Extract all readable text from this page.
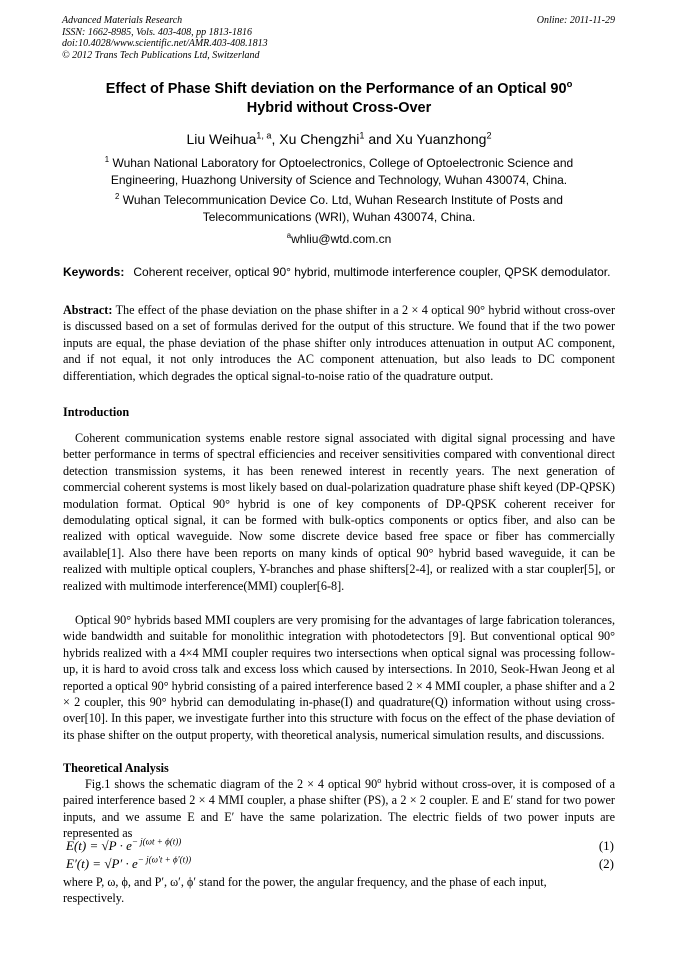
Advanced Materials Research
ISSN: 1662-8985, Vols. 403-408, pp 1813-1816
doi:10.4028/www.scientific.net/AMR.403-408.1813
© 2012 Trans Tech Publications Ltd, Switzerland
Online: 2011-11-29
Effect of Phase Shift deviation on the Performance of an Optical 90$^o$
Hybrid without Cross-Over
Liu Weihua$^{1, a}$, Xu Chengzhi$^1$ and Xu Yuanzhong$^2$
$^1$ Wuhan National Laboratory for Optoelectronics, College of Optoelectronic Science and Engineering, Huazhong University of Science and Technology, Wuhan 430074, China.
$^2$ Wuhan Telecommunication Device Co. Ltd, Wuhan Research Institute of Posts and Telecommunications (WRI), Wuhan 430074, China.
$^a$whliu@wtd.com.cn
Keywords: Coherent receiver, optical 90° hybrid, multimode interference coupler, QPSK demodulator.

Abstract: The effect of the phase deviation on the phase shifter in a 2 × 4 optical 90° hybrid without cross-over is discussed based on a set of formulas derived for the output of this structure. We found that if the two power inputs are equal, the phase deviation of the phase shifter only introduces attenuation in output AC component, and if not equal, it not only introduces the AC component attenuation, but also leads to DC component differentiation, which degrades the optical signal-to-noise ratio of the quadrature output.

Introduction
Coherent communication systems enable restore signal associated with digital signal processing and have better performance in terms of spectral efficiencies and receiver sensitivities compared with conventional direct detection transmission systems, it has been renewed interest in recently years. The next generation of commercial coherent systems is most likely based on dual-polarization quadrature phase shift keyed (DP-QPSK) modulation format. Optical 90° hybrid is one of key components of DP-QPSK coherent receiver for demodulating optical signal, it can be formed with bulk-optics components or optics fiber, and also can be realized with optical waveguide. Now some discrete device based free space or fiber has commercially available[1]. Also there have been reports on many kinds of optical 90° hybrid based waveguide, it can be realized with multiple optical couplers, Y-branches and phase shifters[2-4], or realized with a star coupler[5], or realized with multimode interference(MMI) coupler[6-8].
Optical 90° hybrids based MMI couplers are very promising for the advantages of large fabrication tolerances, wide bandwidth and suitable for monolithic integration with photodetectors [9]. But conventional optical 90° hybrids realized with a 4×4 MMI coupler requires two intersections when optical signal was processing follow-up, it is hard to avoid cross talk and excess loss which caused by intersections. In 2010, Seok-Hwan Jeong et al reported a optical 90° hybrid consisting of a paired interference based 2 × 4 MMI coupler, a phase shifter and a 2 × 2 coupler, this 90° hybrid can demodulating in-phase(I) and quadrature(Q) information without using cross-over[10]. In this paper, we investigate further into this structure with focus on the effect of the phase deviation of its phase shifter on the output property, with theoretical analysis, numerical simulation results, and discussions.
Theoretical Analysis

Fig.1 shows the schematic diagram of the 2 × 4 optical 90$^o$ hybrid without cross-over, it is composed of a paired interference based 2 × 4 MMI coupler, a phase shifter (PS), a 2 × 2 coupler. E and E′ stand for two power inputs, and we assume E and E′ have the same polarization. The electric fields of two power inputs are represented as

$E(t) = √P \cdot e^{- j(\omega t + \phi(t))}$	(1)
$E'(t) = √P' \cdot e^{- j(\omega't + \phi'(t))}$	(2)
where P, ω, ϕ, and P′, ω′, ϕ′ stand for the power, the angular frequency, and the phase of each input,
respectively.
